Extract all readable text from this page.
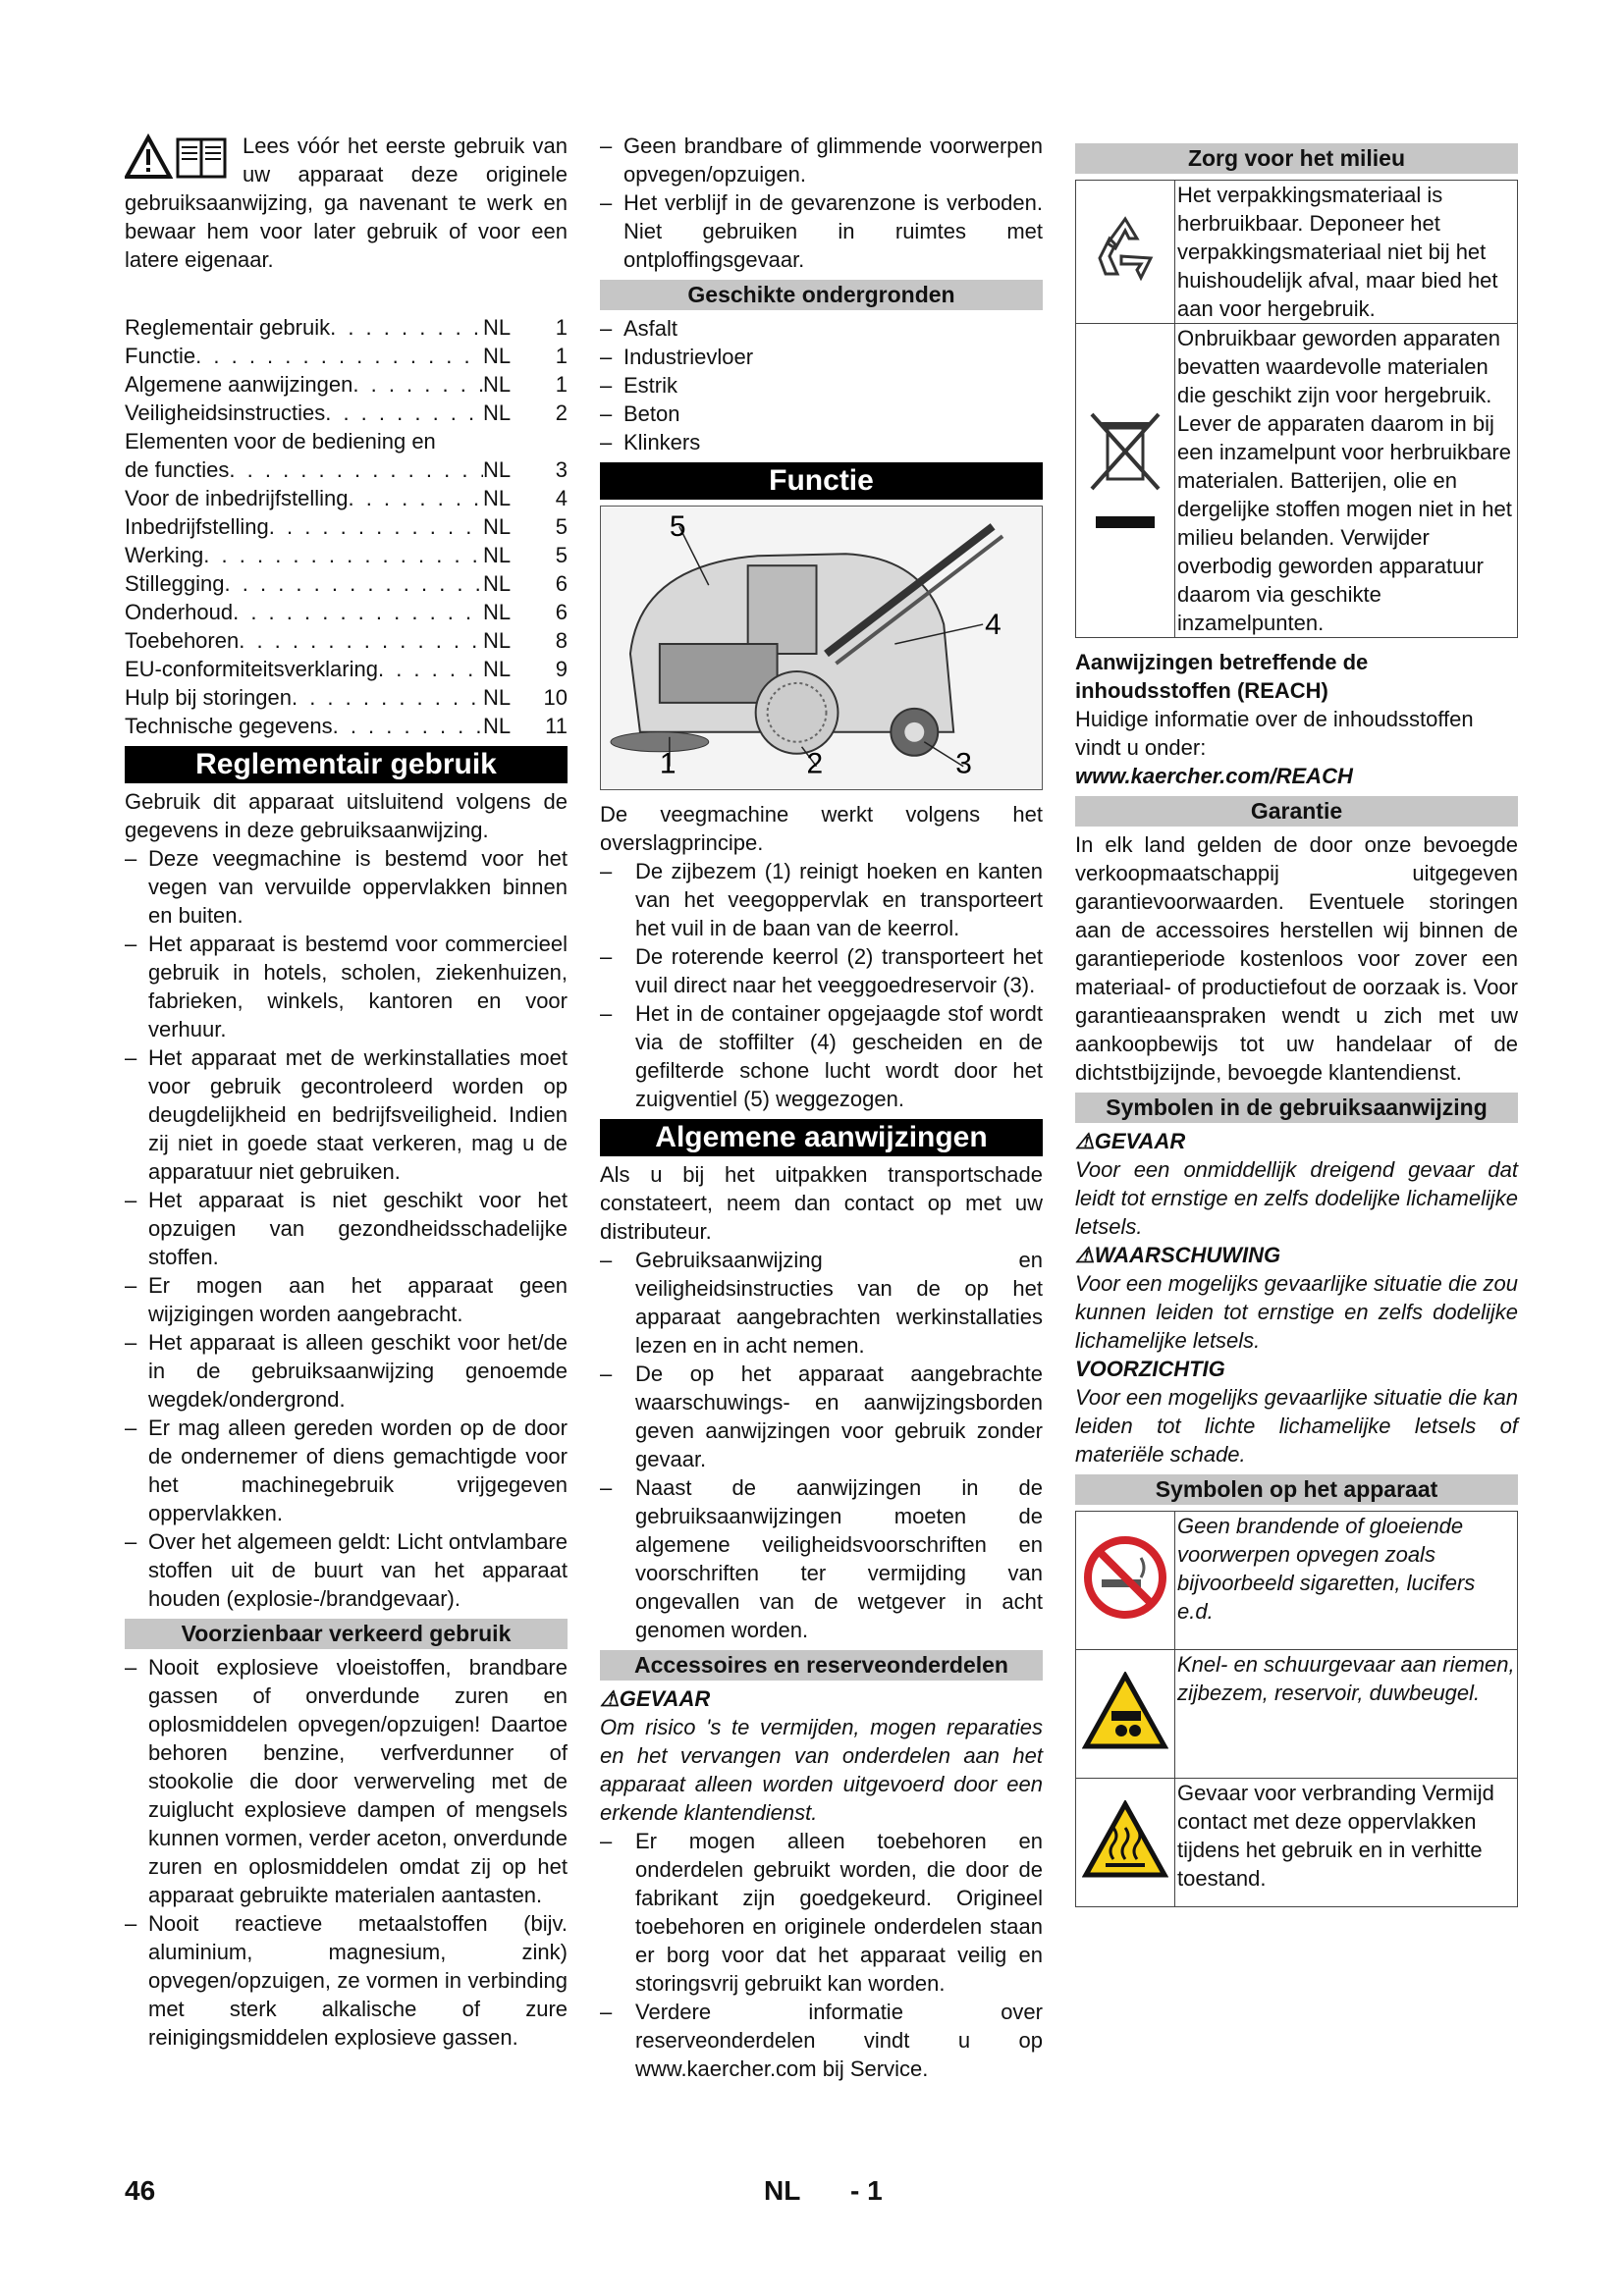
Lees vóór het eerste gebruik van uw apparaat deze originele gebruiksaanwijzing, ga navenant te werk en bewaar hem voor later gebruik of voor een latere eigenaar.
Reglementair gebruik . . .	NL	1
Functie . . .	NL	1
Algemene aanwijzingen . . .	NL	1
Veiligheidsinstructies . . .	NL	2
Elementen voor de bediening en
de functies . . .	NL	3
Voor de inbedrijfstelling . . .	NL	4
Inbedrijfstelling . . .	NL	5
Werking . . .	NL	5
Stillegging . . .	NL	6
Onderhoud . . .	NL	6
Toebehoren . . .	NL	8
EU-conformiteitsverklaring . . .	NL	9
Hulp bij storingen . . .	NL	10
Technische gegevens . . .	NL	11
Reglementair gebruik

Gebruik dit apparaat uitsluitend volgens de gegevens in deze gebruiksaanwijzing.

– Deze veegmachine is bestemd voor het vegen van vervuilde oppervlakken binnen en buiten.
– Het apparaat is bestemd voor commercieel gebruik in hotels, scholen, ziekenhuizen, fabrieken, winkels, kantoren en voor verhuur.
– Het apparaat met de werkinstallaties moet voor gebruik gecontroleerd worden op deugdelijkheid en bedrijfsveiligheid. Indien zij niet in goede staat verkeren, mag u de apparatuur niet gebruiken.
– Het apparaat is niet geschikt voor het opzuigen van gezondheidsschadelijke stoffen.
– Er mogen aan het apparaat geen wijzigingen worden aangebracht.
– Het apparaat is alleen geschikt voor het/de in de gebruiksaanwijzing genoemde wegdek/ondergrond.
– Er mag alleen gereden worden op de door de ondernemer of diens gemachtigde voor het machinegebruik vrijgegeven oppervlakken.
– Over het algemeen geldt: Licht ontvlambare stoffen uit de buurt van het apparaat houden (explosie-/brandgevaar).
Voorzienbaar verkeerd gebruik
– Nooit explosieve vloeistoffen, brandbare gassen of onverdunde zuren en oplosmiddelen opvegen/opzuigen! Daartoe behoren benzine, verfverdunner of stookolie die door verwerveling met de zuiglucht explosieve dampen of mengsels kunnen vormen, verder aceton, onverdunde zuren en oplosmiddelen omdat zij op het apparaat gebruikte materialen aantasten.
– Nooit reactieve metaalstoffen (bijv. aluminium, magnesium, zink) opvegen/opzuigen, ze vormen in verbinding met sterk alkalische of zure reinigingsmiddelen explosieve gassen.
– Geen brandbare of glimmende voorwerpen opvegen/opzuigen.
– Het verblijf in de gevarenzone is verboden. Niet gebruiken in ruimtes met ontploffingsgevaar.
Geschikte ondergronden
– Asfalt
– Industrievloer
– Estrik
– Beton
– Klinkers
Functie
1	2	3
4
5

De veegmachine werkt volgens het overslagprincipe.

– De zijbezem (1) reinigt hoeken en kanten van het veegoppervlak en transporteert het vuil in de baan van de keerrol.
– De roterende keerrol (2) transporteert het vuil direct naar het veeggoedreservoir (3).
– Het in de container opgejaagde stof wordt via de stoffilter (4) gescheiden en de gefilterde schone lucht wordt door het zuigventiel (5) weggezogen.
Algemene aanwijzingen

Als u bij het uitpakken transportschade constateert, neem dan contact op met uw distributeur.

– Gebruiksaanwijzing en veiligheidsinstructies van de op het apparaat aangebrachten werkinstallaties lezen en in acht nemen.
– De op het apparaat aangebrachte waarschuwings- en aanwijzingsborden geven aanwijzingen voor gebruik zonder gevaar.
– Naast de aanwijzingen in de gebruiksaanwijzingen moeten de algemene veiligheidsvoorschriften en voorschriften ter vermijding van ongevallen van de wetgever in acht genomen worden.
Accessoires en reserveonderdelen

⚠GEVAAR

Om risico 's te vermijden, mogen reparaties en het vervangen van onderdelen aan het apparaat alleen worden uitgevoerd door een erkende klantendienst.

– Er mogen alleen toebehoren en onderdelen gebruikt worden, die door de fabrikant zijn goedgekeurd. Origineel toebehoren en originele onderdelen staan er borg voor dat het apparaat veilig en storingsvrij gebruikt kan worden.
– Verdere informatie over reserveonderdelen vindt u op www.kaercher.com bij Service.
Zorg voor het milieu
	Het verpakkingsmateriaal is herbruikbaar. Deponeer het verpakkingsmateriaal niet bij het huishoudelijk afval, maar bied het aan voor hergebruik.
	Onbruikbaar geworden apparaten bevatten waardevolle materialen die geschikt zijn voor hergebruik. Lever de apparaten daarom in bij een inzamelpunt voor herbruikbare materialen. Batterijen, olie en dergelijke stoffen mogen niet in het milieu belanden. Verwijder overbodig geworden apparatuur daarom via geschikte inzamelpunten.

Aanwijzingen betreffende de inhoudsstoffen (REACH)

Huidige informatie over de inhoudsstoffen vindt u onder:

www.kaercher.com/REACH

Garantie

In elk land gelden de door onze bevoegde verkoopmaatschappij uitgegeven garantievoorwaarden. Eventuele storingen aan de accessoires herstellen wij binnen de garantieperiode kostenloos voor zover een materiaal- of productiefout de oorzaak is. Voor garantieaanspraken wendt u zich met uw aankoopbewijs tot uw handelaar of de dichtstbijzijnde, bevoegde klantendienst.

Symbolen in de gebruiksaanwijzing

⚠GEVAAR

Voor een onmiddellijk dreigend gevaar dat leidt tot ernstige en zelfs dodelijke lichamelijke letsels.

⚠WAARSCHUWING

Voor een mogelijks gevaarlijke situatie die zou kunnen leiden tot ernstige en zelfs dodelijke lichamelijke letsels.

VOORZICHTIG

Voor een mogelijks gevaarlijke situatie die kan leiden tot lichte lichamelijke letsels of materiële schade.

Symbolen op het apparaat
	Geen brandende of gloeiende voorwerpen opvegen zoals bijvoorbeeld sigaretten, lucifers e.d.
	Knel- en schuurgevaar aan riemen, zijbezem, reservoir, duwbeugel.
	Gevaar voor verbranding Vermijd contact met deze oppervlakken tijdens het gebruik en in verhitte toestand.
46	NL - 1
